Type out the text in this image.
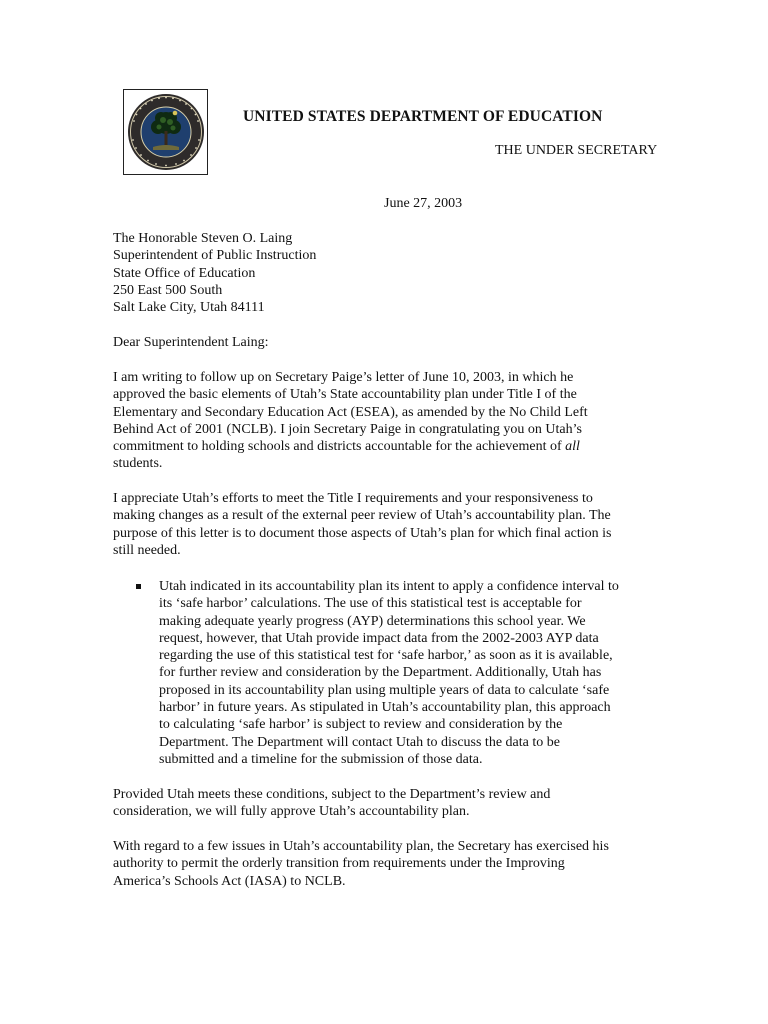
UNITED STATES DEPARTMENT OF EDUCATION
THE UNDER SECRETARY
June 27, 2003
The Honorable Steven O. Laing
Superintendent of Public Instruction
State Office of Education
250 East 500 South
Salt Lake City, Utah 84111
Dear Superintendent Laing:
I am writing to follow up on Secretary Paige’s letter of June 10, 2003, in which he
approved the basic elements of Utah’s State accountability plan under Title I of the
Elementary and Secondary Education Act (ESEA), as amended by the No Child Left
Behind Act of 2001 (NCLB). I join Secretary Paige in congratulating you on Utah’s
commitment to holding schools and districts accountable for the achievement of all
students.
I appreciate Utah’s efforts to meet the Title I requirements and your responsiveness to
making changes as a result of the external peer review of Utah’s accountability plan. The
purpose of this letter is to document those aspects of Utah’s plan for which final action is
still needed.
Utah indicated in its accountability plan its intent to apply a confidence interval to
its ‘safe harbor’ calculations. The use of this statistical test is acceptable for
making adequate yearly progress (AYP) determinations this school year. We
request, however, that Utah provide impact data from the 2002-2003 AYP data
regarding the use of this statistical test for ‘safe harbor,’ as soon as it is available,
for further review and consideration by the Department. Additionally, Utah has
proposed in its accountability plan using multiple years of data to calculate ‘safe
harbor’ in future years. As stipulated in Utah’s accountability plan, this approach
to calculating ‘safe harbor’ is subject to review and consideration by the
Department. The Department will contact Utah to discuss the data to be
submitted and a timeline for the submission of those data.
Provided Utah meets these conditions, subject to the Department’s review and
consideration, we will fully approve Utah’s accountability plan.
With regard to a few issues in Utah’s accountability plan, the Secretary has exercised his
authority to permit the orderly transition from requirements under the Improving
America’s Schools Act (IASA) to NCLB.
